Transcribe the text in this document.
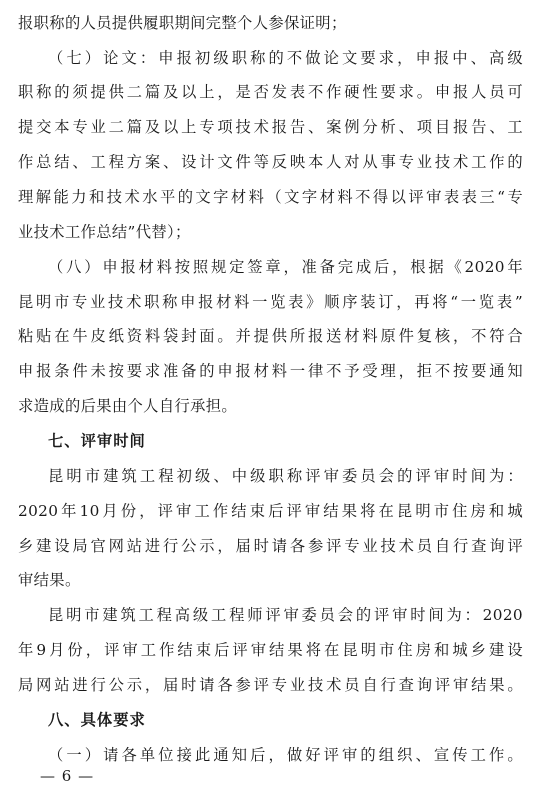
报职称的人员提供履职期间完整个人参保证明；
（七）论文：申报初级职称的不做论文要求，申报中、高级
职称的须提供二篇及以上，是否发表不作硬性要求。申报人员可
提交本专业二篇及以上专项技术报告、案例分析、项目报告、工
作总结、工程方案、设计文件等反映本人对从事专业技术工作的
理解能力和技术水平的文字材料（文字材料不得以评审表表三“专
业技术工作总结”代替）；
（八）申报材料按照规定签章，准备完成后，根据《2020年
昆明市专业技术职称申报材料一览表》顺序装订，再将“一览表”
粘贴在牛皮纸资料袋封面。并提供所报送材料原件复核，不符合
申报条件未按要求准备的申报材料一律不予受理，拒不按要通知
求造成的后果由个人自行承担。
七、评审时间
昆明市建筑工程初级、中级职称评审委员会的评审时间为：
2020年10月份，评审工作结束后评审结果将在昆明市住房和城
乡建设局官网站进行公示，届时请各参评专业技术员自行查询评
审结果。
昆明市建筑工程高级工程师评审委员会的评审时间为：2020
年9月份，评审工作结束后评审结果将在昆明市住房和城乡建设
局网站进行公示，届时请各参评专业技术员自行查询评审结果。
八、具体要求
（一）请各单位接此通知后，做好评审的组织、宣传工作。
— 6 —
